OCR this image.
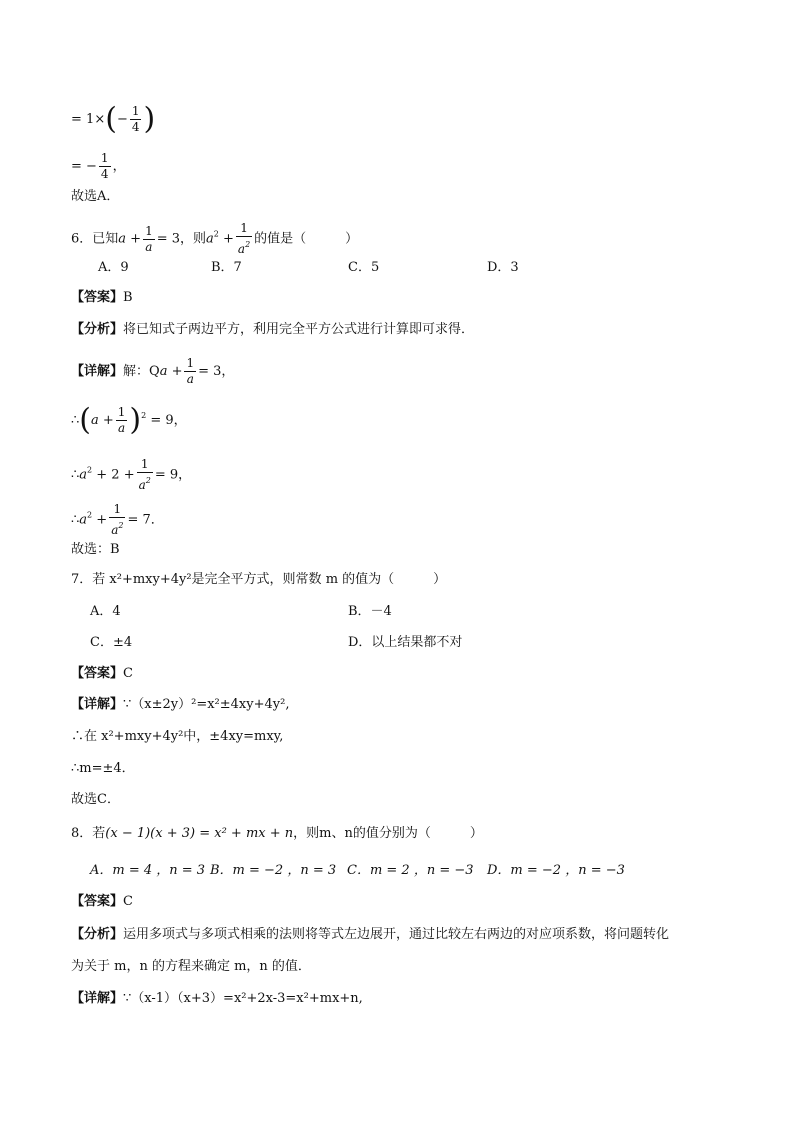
= $1\times(- \frac{1}{4}$ )
= − $\frac{1}{4}$ ，
故选A．
6．已知$a + \frac{1}{a} = 3$，则$a^2 + \frac{1}{a^2}$ 的值是（　　　）
A．9	B．7	C．5	D．3
【答案】B
【分析】将已知式子两边平方，利用完全平方公式进行计算即可求得．
【详解】解：$Qa + \frac{1}{a} = 3$，
∴(a + $\frac{1}{a} )^2 = 9$，
$\therefore a^2 + 2 + \frac{1}{a^2} = 9$，
$\therefore a^2 + \frac{1}{a^2} = 7$．
故选：B
7．若 x²+mxy+4y²是完全平方式，则常数 m 的值为（　　　）
A．4	B．－4
C．±4	D．以上结果都不对
【答案】C
【详解】∵（x±2y）²=x²±4xy+4y²,
∴在 x²+mxy+4y²中，±4xy=mxy,
∴m=±4．
故选C．
8．若(x − 1)(x + 3) = x² + mx + n，则m、n的值分别为（　　　）
A．m = 4 ，n = 3 B．m = −2 ，n = 3 C．m = 2 ，n = −3 D．m = −2 ，n = −3
【答案】C
【分析】运用多项式与多项式相乘的法则将等式左边展开，通过比较左右两边的对应项系数，将问题转化
为关于 m，n 的方程来确定 m，n 的值．
【详解】∵（x-1）（x+3）=x²+2x-3=x²+mx+n,
